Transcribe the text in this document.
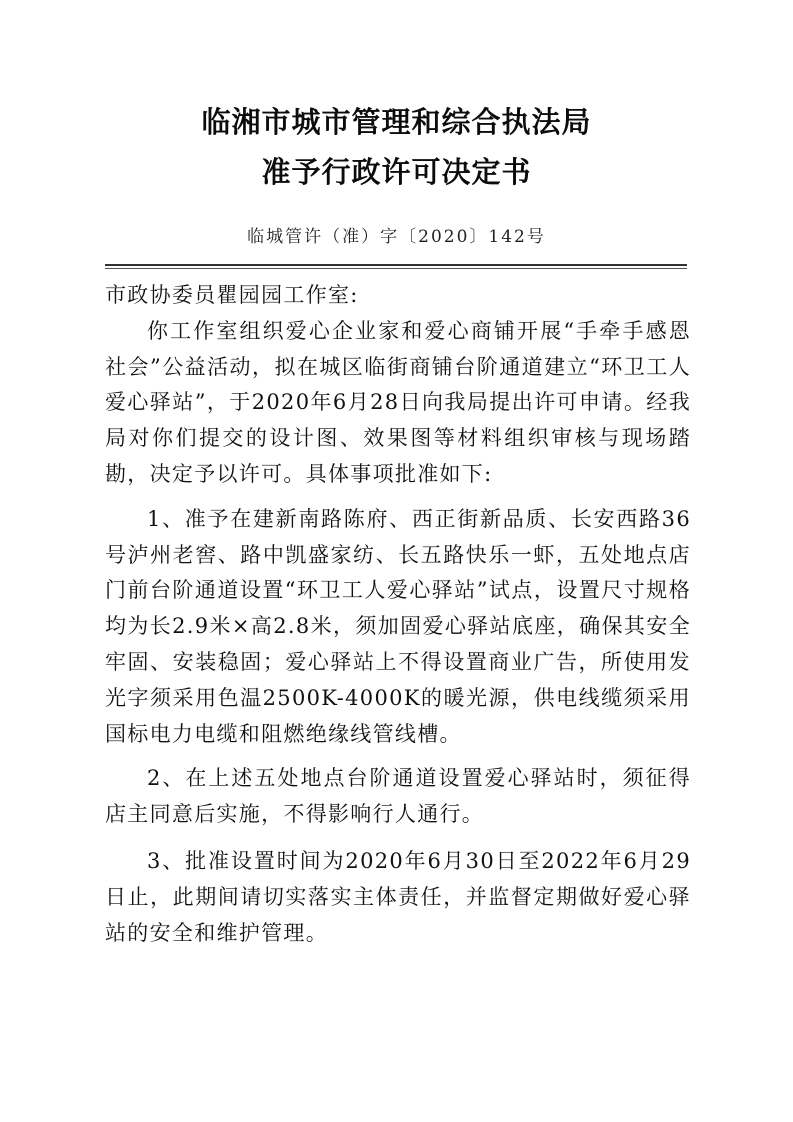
临湘市城市管理和综合执法局
准予行政许可决定书
临城管许（准）字〔2020〕142号

市政协委员瞿园园工作室:

你工作室组织爱心企业家和爱心商铺开展“手牵手感恩社会”公益活动，拟在城区临街商铺台阶通道建立“环卫工人爱心驿站”，于2020年6月28日向我局提出许可申请。经我局对你们提交的设计图、效果图等材料组织审核与现场踏勘，决定予以许可。具体事项批准如下:

1、准予在建新南路陈府、西正街新品质、长安西路36号泸州老窖、路中凯盛家纺、长五路快乐一虾，五处地点店门前台阶通道设置“环卫工人爱心驿站”试点，设置尺寸规格均为长2.9米×高2.8米，须加固爱心驿站底座，确保其安全牢固、安装稳固；爱心驿站上不得设置商业广告，所使用发光字须采用色温2500K-4000K的暖光源，供电线缆须采用国标电力电缆和阻燃绝缘线管线槽。

2、在上述五处地点台阶通道设置爱心驿站时，须征得店主同意后实施，不得影响行人通行。

3、批准设置时间为2020年6月30日至2022年6月29日止，此期间请切实落实主体责任，并监督定期做好爱心驿站的安全和维护管理。
